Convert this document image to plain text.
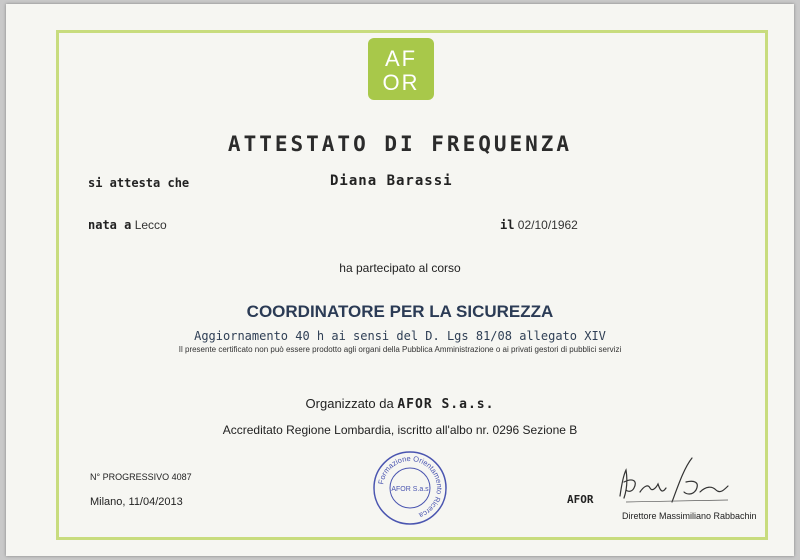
AF
OR
ATTESTATO DI FREQUENZA
si attesta che	Diana Barassi
nata a Lecco	il 02/10/1962
ha partecipato al corso
COORDINATORE PER LA SICUREZZA
Aggiornamento 40 h ai sensi del D. Lgs 81/08 allegato XIV
Il presente certificato non può essere prodotto agli organi della Pubblica Amministrazione o ai privati gestori di pubblici servizi
Organizzato da AFOR S.a.s.
Accreditato Regione Lombardia, iscritto all'albo nr. 0296 Sezione B
N° PROGRESSIVO 4087
Milano, 11/04/2013
Formazione Orientamento Ricerca
AFOR S.a.s
AFOR
Direttore Massimiliano Rabbachin
